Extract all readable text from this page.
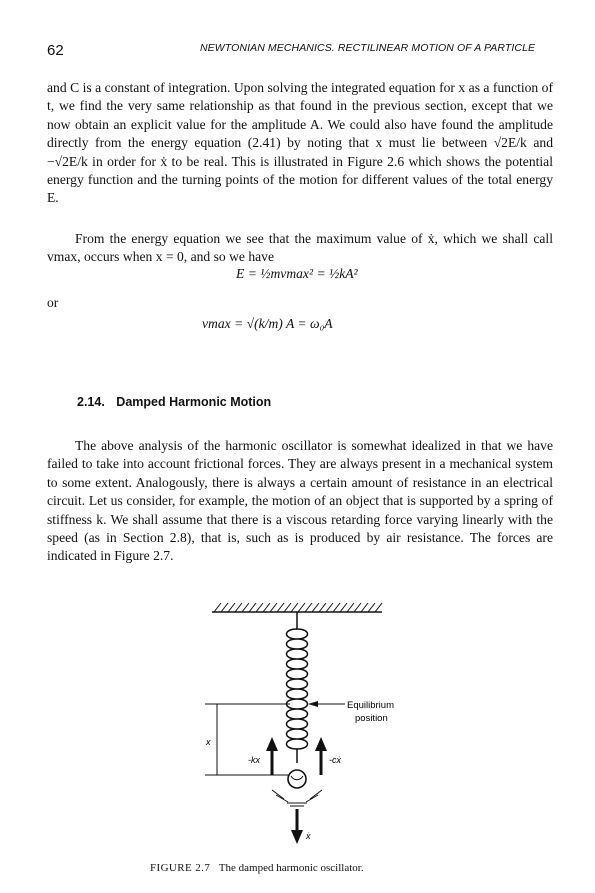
62	NEWTONIAN MECHANICS. RECTILINEAR MOTION OF A PARTICLE
and C is a constant of integration. Upon solving the integrated equation for x as a function of t, we find the very same relationship as that found in the previous section, except that we now obtain an explicit value for the amplitude A. We could also have found the amplitude directly from the energy equation (2.41) by noting that x must lie between √2E/k and −√2E/k in order for ẋ to be real. This is illustrated in Figure 2.6 which shows the potential energy function and the turning points of the motion for different values of the total energy E.
From the energy equation we see that the maximum value of ẋ, which we shall call vmax, occurs when x = 0, and so we have
E = ½mvmax² = ½kA²
or
vmax = √(k/m) A = ω₀A
2.14. Damped Harmonic Motion
The above analysis of the harmonic oscillator is somewhat idealized in that we have failed to take into account frictional forces. They are always present in a mechanical system to some extent. Analogously, there is always a certain amount of resistance in an electrical circuit. Let us consider, for example, the motion of an object that is supported by a spring of stiffness k. We shall assume that there is a viscous retarding force varying linearly with the speed (as in Section 2.8), that is, such as is produced by air resistance. The forces are indicated in Figure 2.7.
Equilibrium
position
x
-kx	-cẋ
ẋ
FIGURE 2.7 The damped harmonic oscillator.
